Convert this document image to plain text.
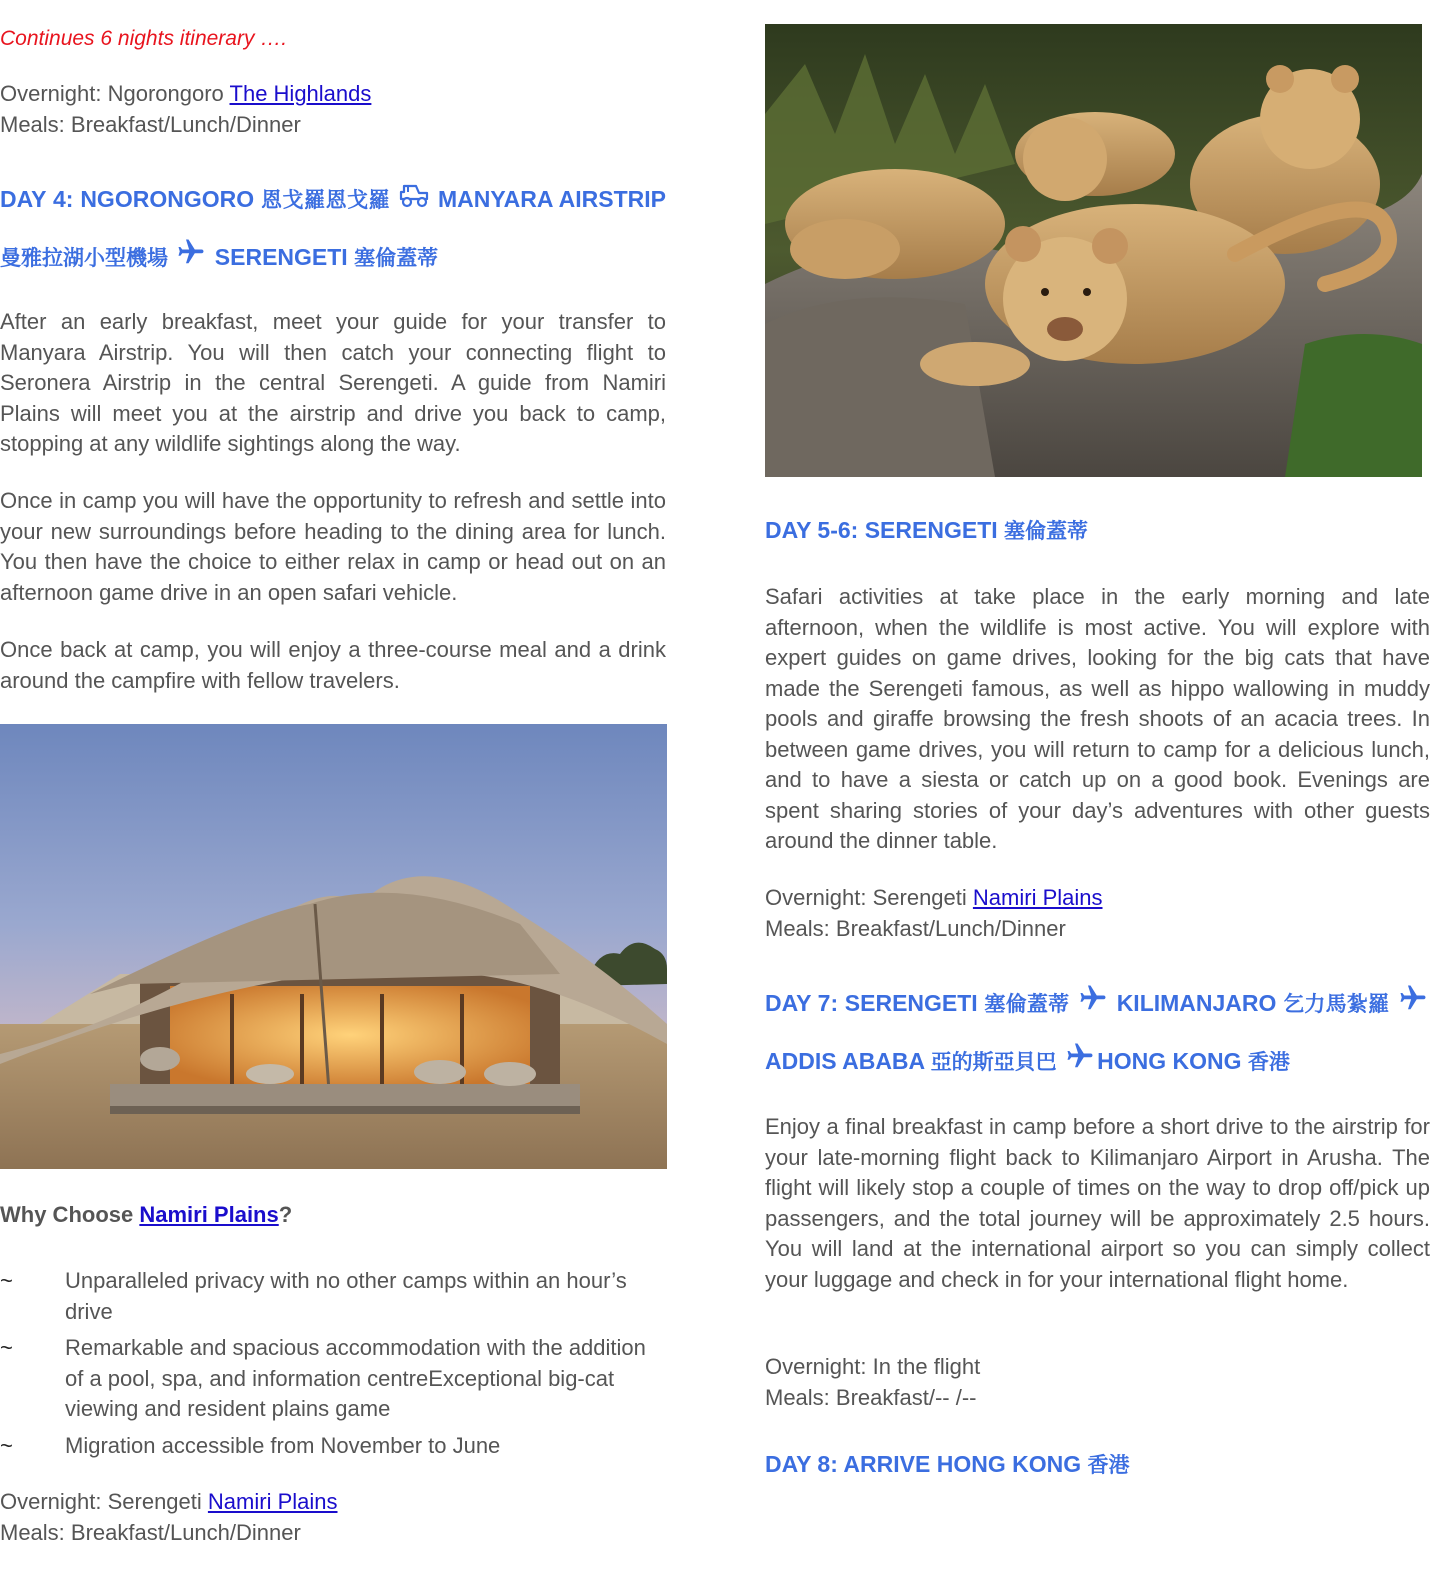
Continues 6 nights itinerary ….

Overnight: Ngorongoro The Highlands

Meals: Breakfast/Lunch/Dinner

DAY 4: NGORONGORO 恩戈羅恩戈羅  MANYARA AIRSTRIP 曼雅拉湖小型機場  SERENGETI 塞倫蓋蒂

After an early breakfast, meet your guide for your transfer to Manyara Airstrip. You will then catch your connecting flight to Seronera Airstrip in the central Serengeti. A guide from Namiri Plains will meet you at the airstrip and drive you back to camp, stopping at any wildlife sightings along the way.

Once in camp you will have the opportunity to refresh and settle into your new surroundings before heading to the dining area for lunch. You then have the choice to either relax in camp or head out on an afternoon game drive in an open safari vehicle.

Once back at camp, you will enjoy a three-course meal and a drink around the campfire with fellow travelers.

Why Choose Namiri Plains?

~ Unparalleled privacy with no other camps within an hour’s drive
~ Remarkable and spacious accommodation with the addition of a pool, spa, and information centreExceptional big-cat viewing and resident plains game
~ Migration accessible from November to June

Overnight: Serengeti Namiri Plains

Meals: Breakfast/Lunch/Dinner

DAY 5-6: SERENGETI 塞倫蓋蒂

Safari activities at take place in the early morning and late afternoon, when the wildlife is most active. You will explore with expert guides on game drives, looking for the big cats that have made the Serengeti famous, as well as hippo wallowing in muddy pools and giraffe browsing the fresh shoots of an acacia trees. In between game drives, you will return to camp for a delicious lunch, and to have a siesta or catch up on a good book. Evenings are spent sharing stories of your day’s adventures with other guests around the dinner table.

Overnight: Serengeti Namiri Plains

Meals: Breakfast/Lunch/Dinner

DAY 7: SERENGETI 塞倫蓋蒂  KILIMANJARO 乞力馬紮羅  ADDIS ABABA 亞的斯亞貝巴 HONG KONG 香港

Enjoy a final breakfast in camp before a short drive to the airstrip for your late-morning flight back to Kilimanjaro Airport in Arusha. The flight will likely stop a couple of times on the way to drop off/pick up passengers, and the total journey will be approximately 2.5 hours. You will land at the international airport so you can simply collect your luggage and check in for your international flight home.

Overnight: In the flight

Meals: Breakfast/-- /--

DAY 8: ARRIVE HONG KONG 香港
